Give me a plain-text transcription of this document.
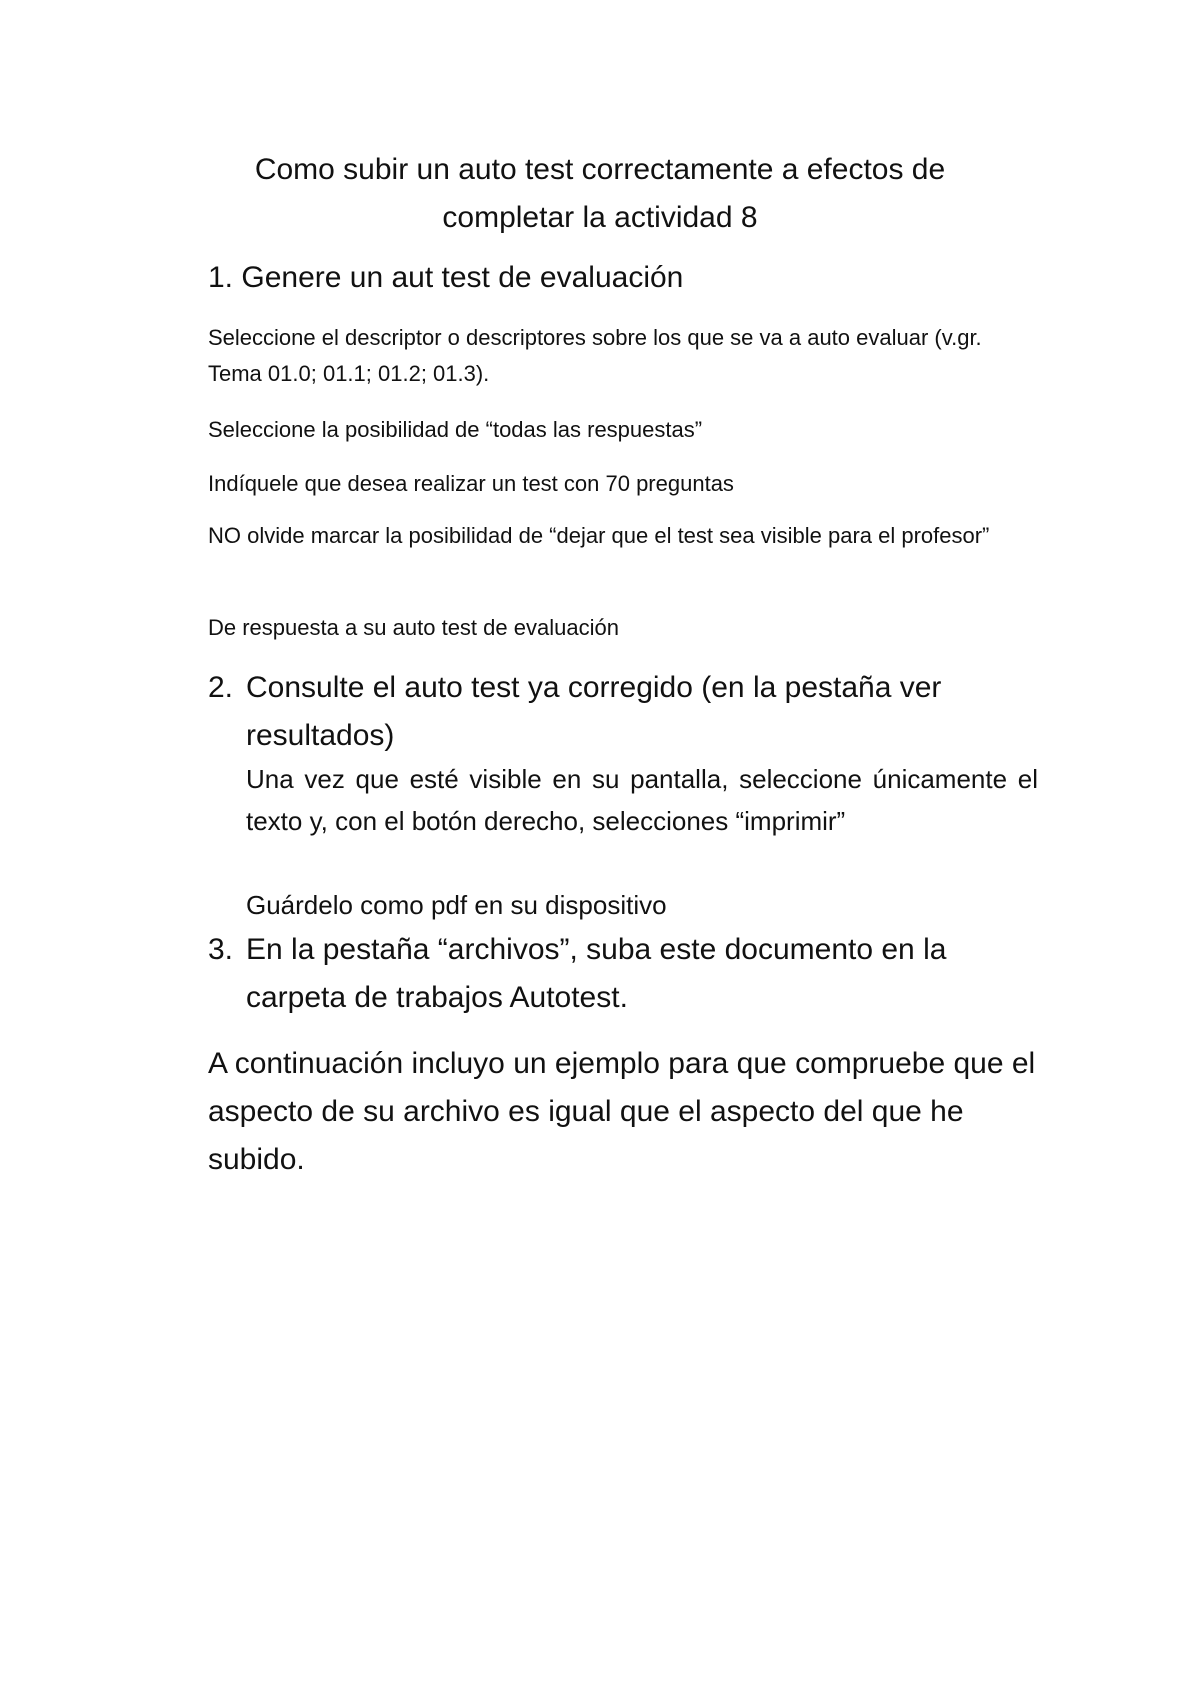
Como subir un auto test correctamente a efectos de
completar la actividad 8

1. Genere un aut test de evaluación

Seleccione el descriptor o descriptores sobre los que se va a auto evaluar (v.gr. Tema 01.0; 01.1; 01.2; 01.3).

Seleccione la posibilidad de “todas las respuestas”

Indíquele que desea realizar un test con 70 preguntas

NO olvide marcar la posibilidad de “dejar que el test sea visible para el profesor”

De respuesta a su auto test de evaluación

2. Consulte el auto test ya corregido (en la pestaña ver resultados)

Una vez que esté visible en su pantalla, seleccione únicamente el texto y, con el botón derecho, selecciones “imprimir”

Guárdelo como pdf en su dispositivo

3. En la pestaña “archivos”, suba este documento en la carpeta de trabajos Autotest.

A continuación incluyo un ejemplo para que compruebe que el aspecto de su archivo es igual que el aspecto del que he subido.
